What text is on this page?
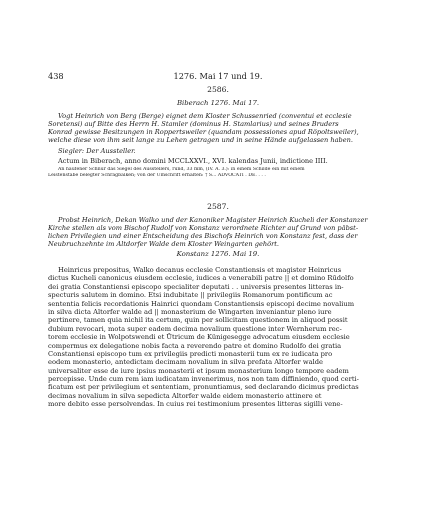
438	1276. Mai 17 und 19.
2586.
Biberach 1276. Mai 17.
Vogt Heinrich von Berg (Berge) eignet dem Kloster Schussenried (conventui et ecclesie
Soretensi) auf Bitte des Herrn H. Stamler (dominus H. Stamlarius) und seines Bruders
Konrad gewisse Besitzungen in Roppertsweiler (quandam possessiones apud Röpoltsweiler),
welche diese von ihm seit lange zu Lehen getragen und in seine Hände aufgelassen haben.
Siegler: Der Aussteller.
Actum in Biberach, anno domini MCCLXXVI., XVI. kalendas Junii, indictione IIII.
An häufener Schnur das Siegel des Ausstellers, rund, 33 mm, (IV. A. 3.): in einem Schilde ein mit einem
Leistenstabe belegter Schrägbalken; von der Umschrift erhalten: † S... ADVOCATI . DE. . . .
2587.
Probst Heinrich, Dekan Walko und der Kanoniker Magister Heinrich Kucheli der Konstanzer
Kirche stellen als vom Bischof Rudolf von Konstanz verordnete Richter auf Grund von päbst-
lichen Privilegien und einer Entscheidung des Bischofs Heinrich von Konstanz fest, dass der
Neubruchzehnte im Altdorfer Walde dem Kloster Weingarten gehört.
Konstanz 1276. Mai 19.
Heinricus prepositus, Walko decanus ecclesie Constantiensis et magister Heinricus
dictus Kucheli canonicus eiusdem ecclesie, iudices a venerabili patre || et domino Rūdolfo
dei gratia Constantiensi episcopo specialiter deputati . . universis presentes litteras in-
specturis salutem in domino. Etsi indubitate || privilegiis Romanorum pontificum ac
sententia felicis recordationis Hainrici quondam Constantiensis episcopi decime novalium
in silva dicta Altorfer walde ad || monasterium de Wingarten inveniantur pleno iure
pertinere, tamen quia nichil ita certum, quin per sollicitam questionem in aliquod possit
dubium revocari, mota super eadem decima novalium questione inter Wernherum rec-
torem ecclesie in Wolpotswendi et Ůtricum de Künigesegge advocatum eiusdem ecclesie
compermus ex delegatione nobis facta a reverendo patre et domino Rudolfo dei gratia
Constantiensi episcopo tum ex privilegiis predicti monasterii tum ex re iudicata pro
eodem monasterio, antedictam decimam novalium in silva prefata Altorfer walde
universaliter esse de iure ipsius monasterii et ipsum monasterium longo tempore eadem
percepisse. Unde cum rem iam iudicatam invenerimus, nos non tam diffiniendo, quod certi-
ficatum est per privilegium et sententiam, pronuntiamus, sed declarando dicimus predictas
decimas novalium in silva sepedicta Altorfer walde eidem monasterio attinere et
more debito esse persolvendas. In cuius rei testimonium presentes litteras sigilli vene-
